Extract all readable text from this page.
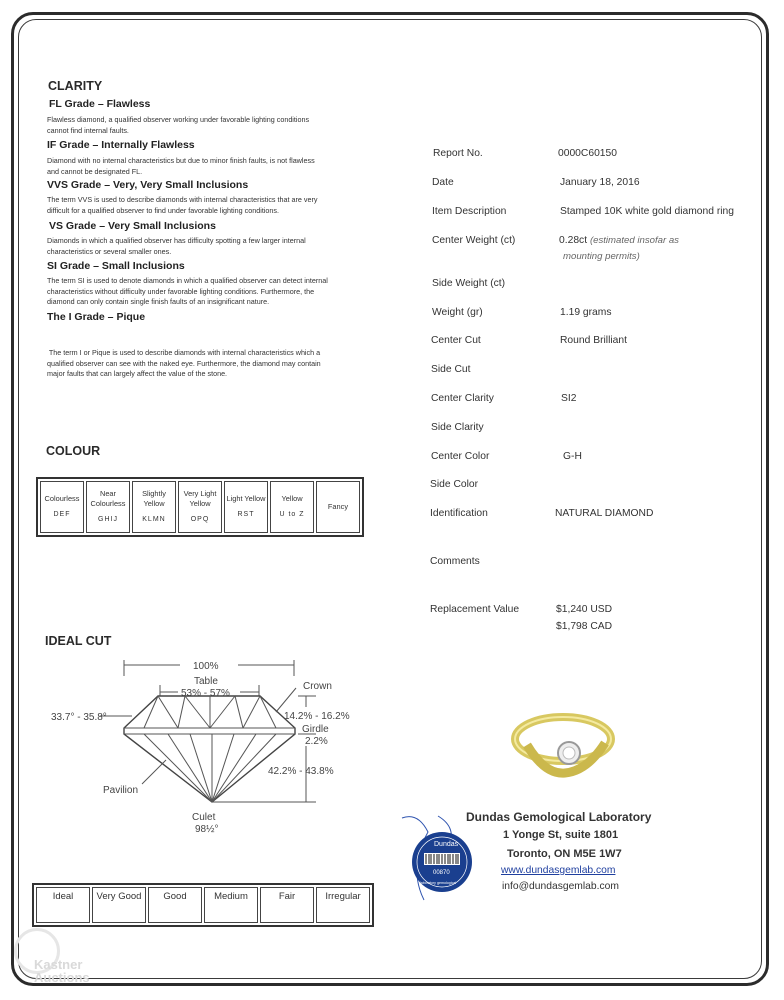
CLARITY
FL Grade – Flawless
Flawless diamond, a qualified observer working under favorable lighting conditions
cannot find internal faults.
IF Grade – Internally Flawless
Diamond with no internal characteristics but due to minor finish faults, is not flawless
and cannot be designated FL.
VVS Grade – Very, Very Small Inclusions
The term VVS is used to describe diamonds with internal characteristics that are very
difficult for a qualified observer to find under favorable lighting conditions.
VS Grade – Very Small Inclusions
Diamonds in which a qualified observer has difficulty spotting a few larger internal
characteristics or several smaller ones.
SI Grade – Small Inclusions
The term SI is used to denote diamonds in which a qualified observer can detect internal
characteristics without difficulty under favorable lighting conditions. Furthermore, the
diamond can only contain single finish faults of an insignificant nature.
The I Grade – Pique

The term I or Pique is used to describe diamonds with internal characteristics which a
qualified observer can see with the naked eye. Furthermore, the diamond may contain
major faults that can largely affect the value of the stone.

COLOUR
Colourless
DEF
	Near Colourless
GHIJ
	Slightly Yellow
KLMN
	Very Light Yellow
OPQ
	Light Yellow
RST
	Yellow
U to Z
	Fancy
IDEAL CUT
100%
Table
53% - 57%
Crown
33.7° - 35.8°	14.2% - 16.2%
Girdle
2.2%
42.2% - 43.8%
Pavilion
Culet
98½°
Ideal	Very Good	Good	Medium	Fair	Irregular
Report No.	0000C60150
Date	January 18, 2016
Item Description	Stamped 10K white gold diamond ring
Center Weight (ct)	0.28ct (estimated insofar as
mounting permits)
Side Weight (ct)
Weight (gr)	1.19 grams
Center Cut	Round Brilliant
Side Cut
Center Clarity	SI2
Side Clarity
Center Color	G-H
Side Color
Identification	NATURAL DIAMOND
Comments
Replacement Value	$1,240 USD
$1,798 CAD
Dundas
00870
laboratory gemological
Dundas Gemological Laboratory
1 Yonge St, suite 1801
Toronto, ON M5E 1W7
www.dundasgemlab.com
info@dundasgemlab.com
Kastner
Auctions
